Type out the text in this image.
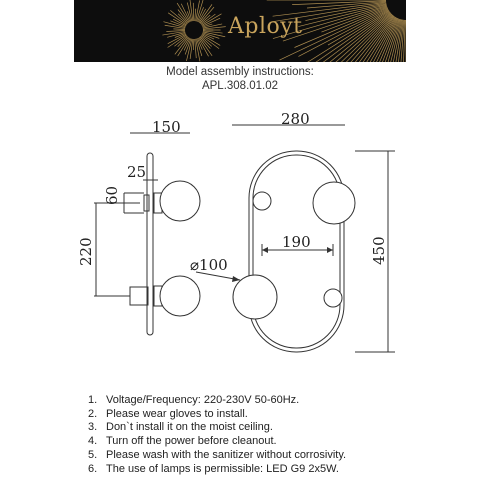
Aployt
Model assembly instructions:
APL.308.01.02
150	280
25
60
220	190
⌀100	450
1. Voltage/Frequency: 220-230V 50-60Hz.
2. Please wear gloves to install.
3. Don`t install it on the moist ceiling.
4. Turn off the power before cleanout.
5. Please wash with the sanitizer without corrosivity.
6. The use of lamps is permissible: LED G9 2x5W.
